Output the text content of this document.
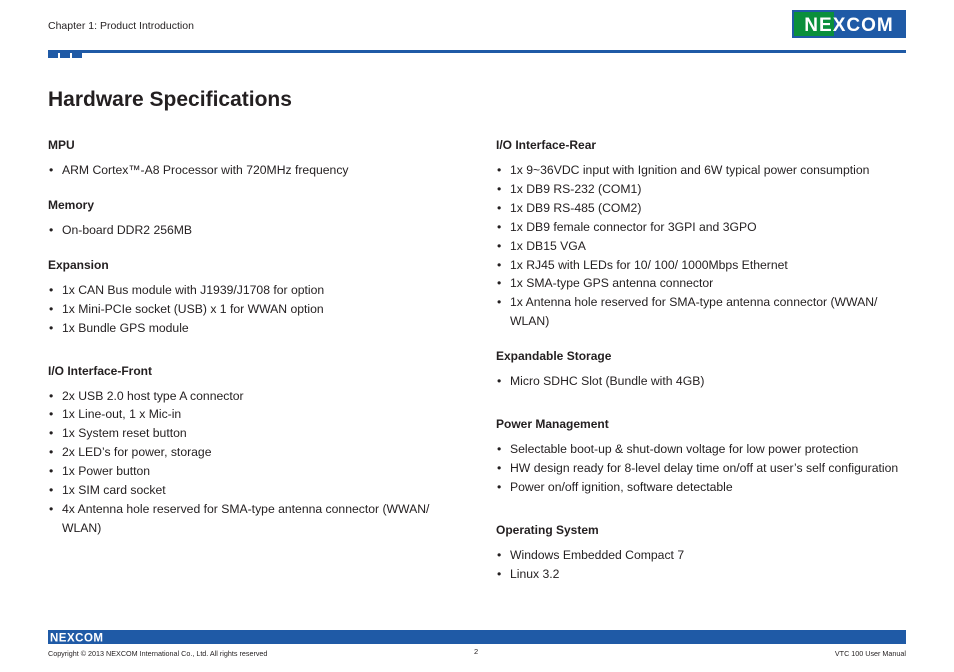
Chapter 1: Product Introduction	NEXCOM
Hardware Specifications
MPU
• ARM Cortex™-A8 Processor with 720MHz frequency
Memory
• On-board DDR2 256MB
Expansion
• 1x CAN Bus module with J1939/J1708 for option
• 1x Mini-PCIe socket (USB) x 1 for WWAN option
• 1x Bundle GPS module
I/O Interface-Front
• 2x USB 2.0 host type A connector
• 1x Line-out, 1 x Mic-in
• 1x System reset button
• 2x LED’s for power, storage
• 1x Power button
• 1x SIM card socket
• 4x Antenna hole reserved for SMA-type antenna connector (WWAN/ WLAN)
I/O Interface-Rear
• 1x 9~36VDC input with Ignition and 6W typical power consumption
• 1x DB9 RS-232 (COM1)
• 1x DB9 RS-485 (COM2)
• 1x DB9 female connector for 3GPI and 3GPO
• 1x DB15 VGA
• 1x RJ45 with LEDs for 10/ 100/ 1000Mbps Ethernet
• 1x SMA-type GPS antenna connector
• 1x Antenna hole reserved for SMA-type antenna connector (WWAN/ WLAN)
Expandable Storage
• Micro SDHC Slot (Bundle with 4GB)
Power Management
• Selectable boot-up & shut-down voltage for low power protection
• HW design ready for 8-level delay time on/off at user’s self configuration
• Power on/off ignition, software detectable
Operating System
• Windows Embedded Compact 7
• Linux 3.2
NEXCOM
Copyright © 2013 NEXCOM International Co., Ltd. All rights reserved	2	VTC 100 User Manual
